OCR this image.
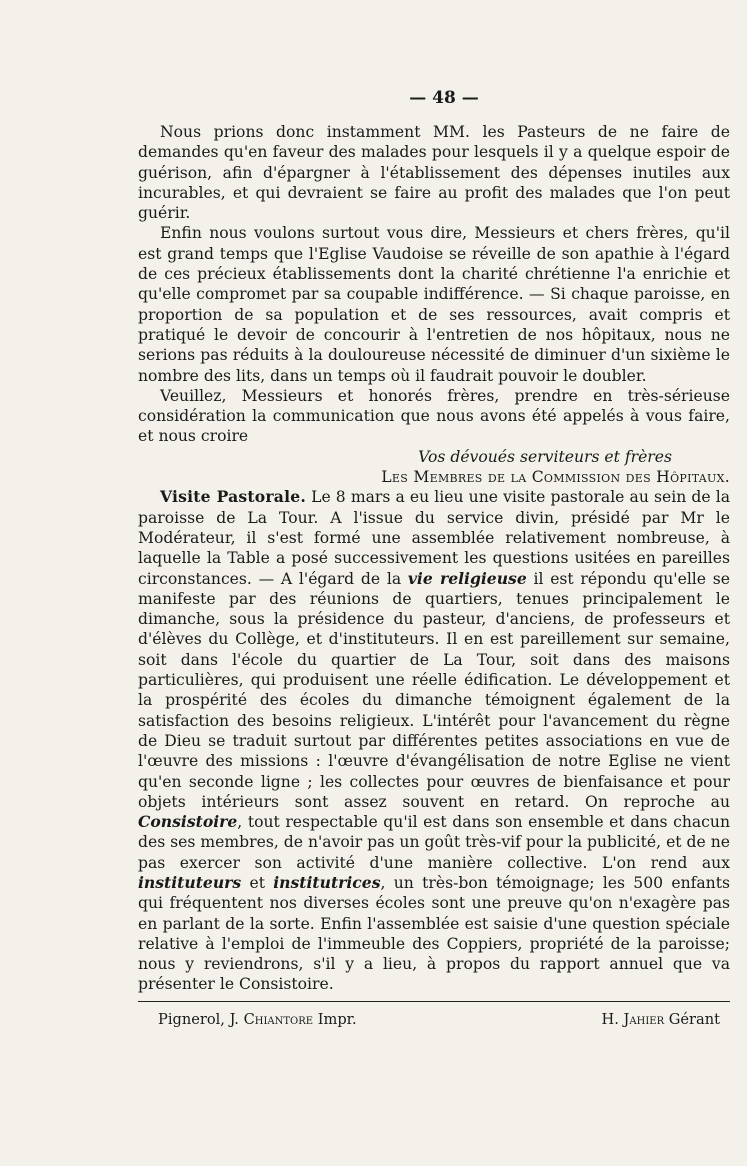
— 48 —

Nous prions donc instamment MM. les Pasteurs de ne faire de demandes qu'en faveur des malades pour lesquels il y a quelque espoir de guérison, afin d'épargner à l'établissement des dépenses inutiles aux incurables, et qui devraient se faire au profit des malades que l'on peut guérir.

Enfin nous voulons surtout vous dire, Messieurs et chers frères, qu'il est grand temps que l'Eglise Vaudoise se réveille de son apathie à l'égard de ces précieux établissements dont la charité chrétienne l'a enrichie et qu'elle compromet par sa coupable indifférence. — Si chaque paroisse, en proportion de sa population et de ses ressources, avait compris et pratiqué le devoir de concourir à l'entretien de nos hôpitaux, nous ne serions pas réduits à la douloureuse nécessité de diminuer d'un sixième le nombre des lits, dans un temps où il faudrait pouvoir le doubler.

Veuillez, Messieurs et honorés frères, prendre en très-sérieuse considération la communication que nous avons été appelés à vous faire, et nous croire

Vos dévoués serviteurs et frères
Les Membres de la Commission des Hôpitaux.

Visite Pastorale. Le 8 mars a eu lieu une visite pastorale au sein de la paroisse de La Tour. A l'issue du service divin, présidé par Mr le Modérateur, il s'est formé une assemblée relativement nombreuse, à laquelle la Table a posé successivement les questions usitées en pareilles circonstances. — A l'égard de la vie religieuse il est répondu qu'elle se manifeste par des réunions de quartiers, tenues principalement le dimanche, sous la présidence du pasteur, d'anciens, de professeurs et d'élèves du Collège, et d'instituteurs. Il en est pareillement sur semaine, soit dans l'école du quartier de La Tour, soit dans des maisons particulières, qui produisent une réelle édification. Le développement et la prospérité des écoles du dimanche témoignent également de la satisfaction des besoins religieux. L'intérêt pour l'avancement du règne de Dieu se traduit surtout par différentes petites associations en vue de l'œuvre des missions : l'œuvre d'évangélisation de notre Eglise ne vient qu'en seconde ligne ; les collectes pour œuvres de bienfaisance et pour objets intérieurs sont assez souvent en retard. On reproche au Consistoire, tout respectable qu'il est dans son ensemble et dans chacun des ses membres, de n'avoir pas un goût très-vif pour la publicité, et de ne pas exercer son activité d'une manière collective. L'on rend aux instituteurs et institutrices, un très-bon témoignage; les 500 enfants qui fréquentent nos diverses écoles sont une preuve qu'on n'exagère pas en parlant de la sorte. Enfin l'assemblée est saisie d'une question spéciale relative à l'emploi de l'immeuble des Coppiers, propriété de la paroisse; nous y reviendrons, s'il y a lieu, à propos du rapport annuel que va présenter le Consistoire.

Pignerol, J. Chiantore Impr.	H. Jahier Gérant
